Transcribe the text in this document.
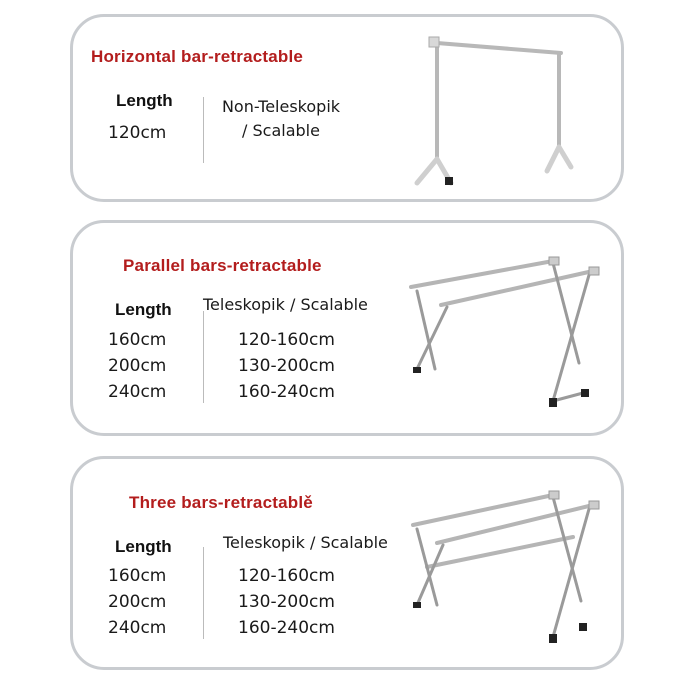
Horizontal bar-retractable
Length
120cm
Non-Teleskopik
/ Scalable
Parallel bars-retractable
Length
160cm
200cm
240cm
Teleskopik / Scalable
120-160cm
130-200cm
160-240cm
Three bars-retractablě
Length
160cm
200cm
240cm
Teleskopik / Scalable
120-160cm
130-200cm
160-240cm
